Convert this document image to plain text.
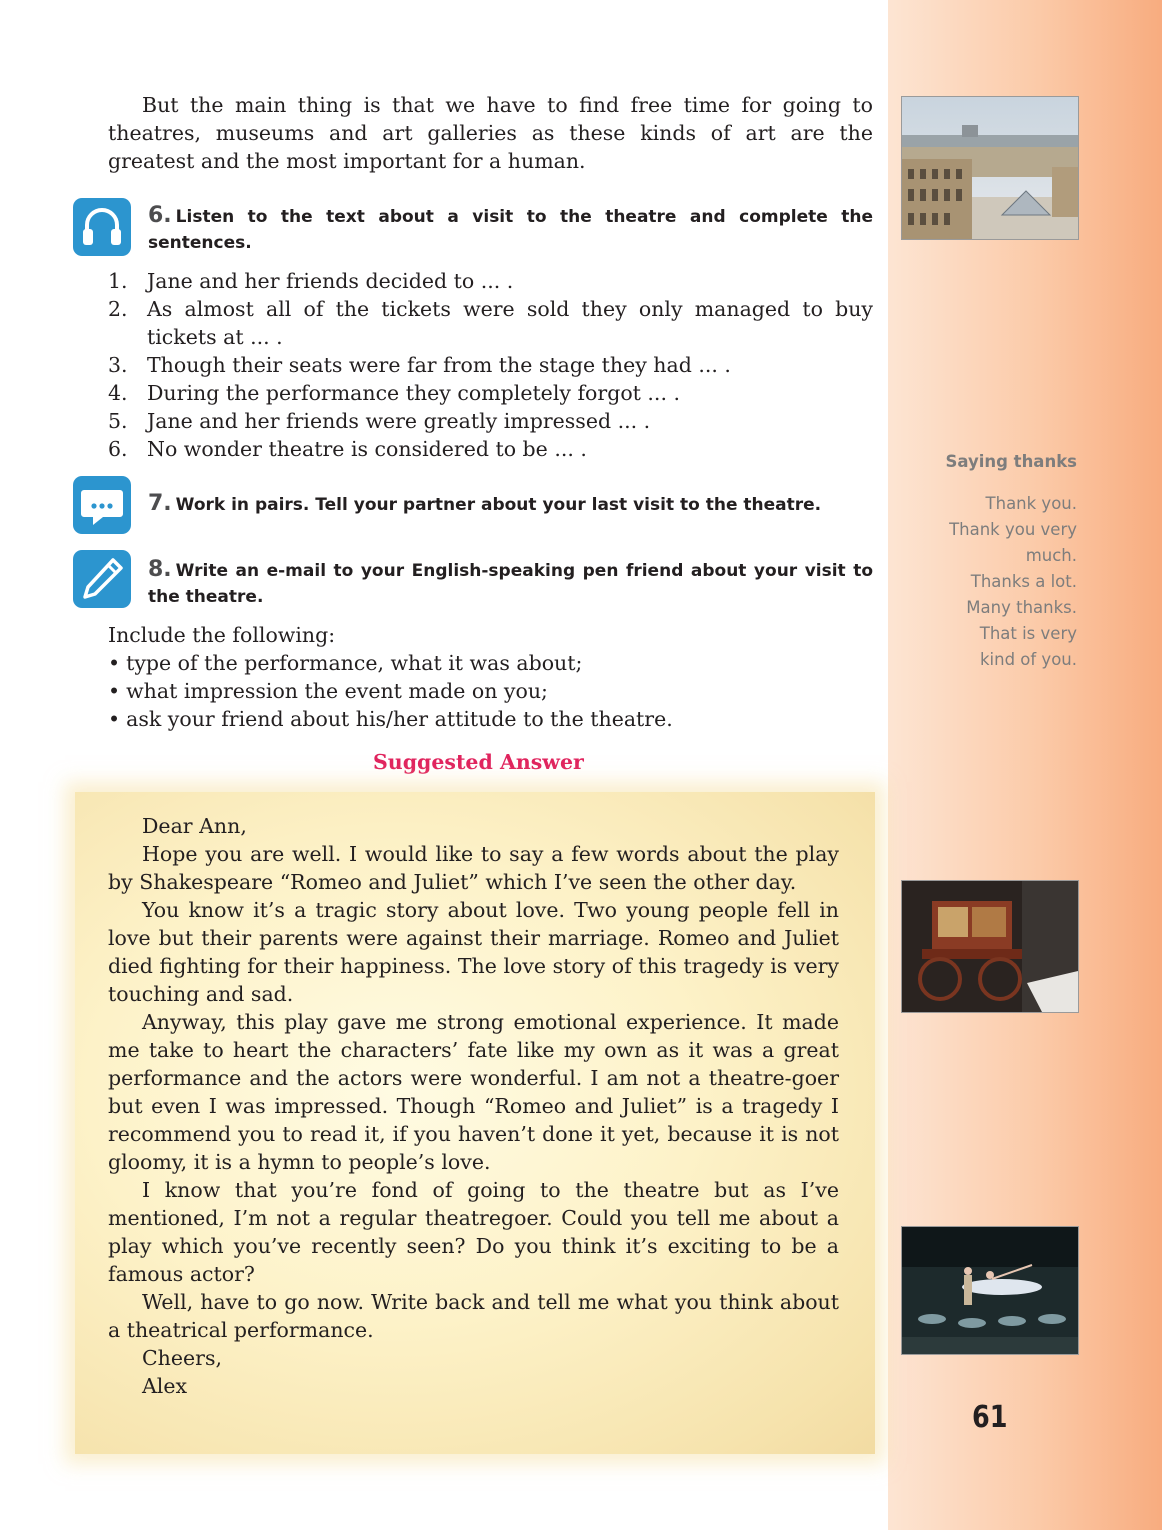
But the main thing is that we have to find free time for going to theatres, museums and art galleries as these kinds of art are the greatest and the most important for a human.

6. Listen to the text about a visit to the theatre and complete the sentences.

1. Jane and her friends decided to ... .
2. As almost all of the tickets were sold they only managed to buy tickets at ... .
3. Though their seats were far from the stage they had ... .
4. During the performance they completely forgot ... .
5. Jane and her friends were greatly impressed ... .
6. No wonder theatre is considered to be ... .

7. Work in pairs. Tell your partner about your last visit to the theatre.

8. Write an e-mail to your English-speaking pen friend about your visit to the theatre.

Include the following:

• type of the performance, what it was about;
• what impression the event made on you;
• ask your friend about his/her attitude to the theatre.
Suggested Answer

Dear Ann,

Hope you are well. I would like to say a few words about the play by Shakespeare “Romeo and Juliet” which I’ve seen the other day.

You know it’s a tragic story about love. Two young people fell in love but their parents were against their marriage. Romeo and Juliet died fighting for their happiness. The love story of this tragedy is very touching and sad.

Anyway, this play gave me strong emotional experience. It made me take to heart the characters’ fate like my own as it was a great performance and the actors were wonderful. I am not a theatre-goer but even I was impressed. Though “Romeo and Juliet” is a tragedy I recommend you to read it, if you haven’t done it yet, because it is not gloomy, it is a hymn to people’s love.

I know that you’re fond of going to the theatre but as I’ve mentioned, I’m not a regular theatregoer. Could you tell me about a play which you’ve recently seen? Do you think it’s exciting to be a famous actor?

Well, have to go now. Write back and tell me what you think about a theatrical performance.

Cheers,

Alex

Saying thanks
Thank you.
Thank you very much.
Thanks a lot.
Many thanks.
That is very kind of you.
61
